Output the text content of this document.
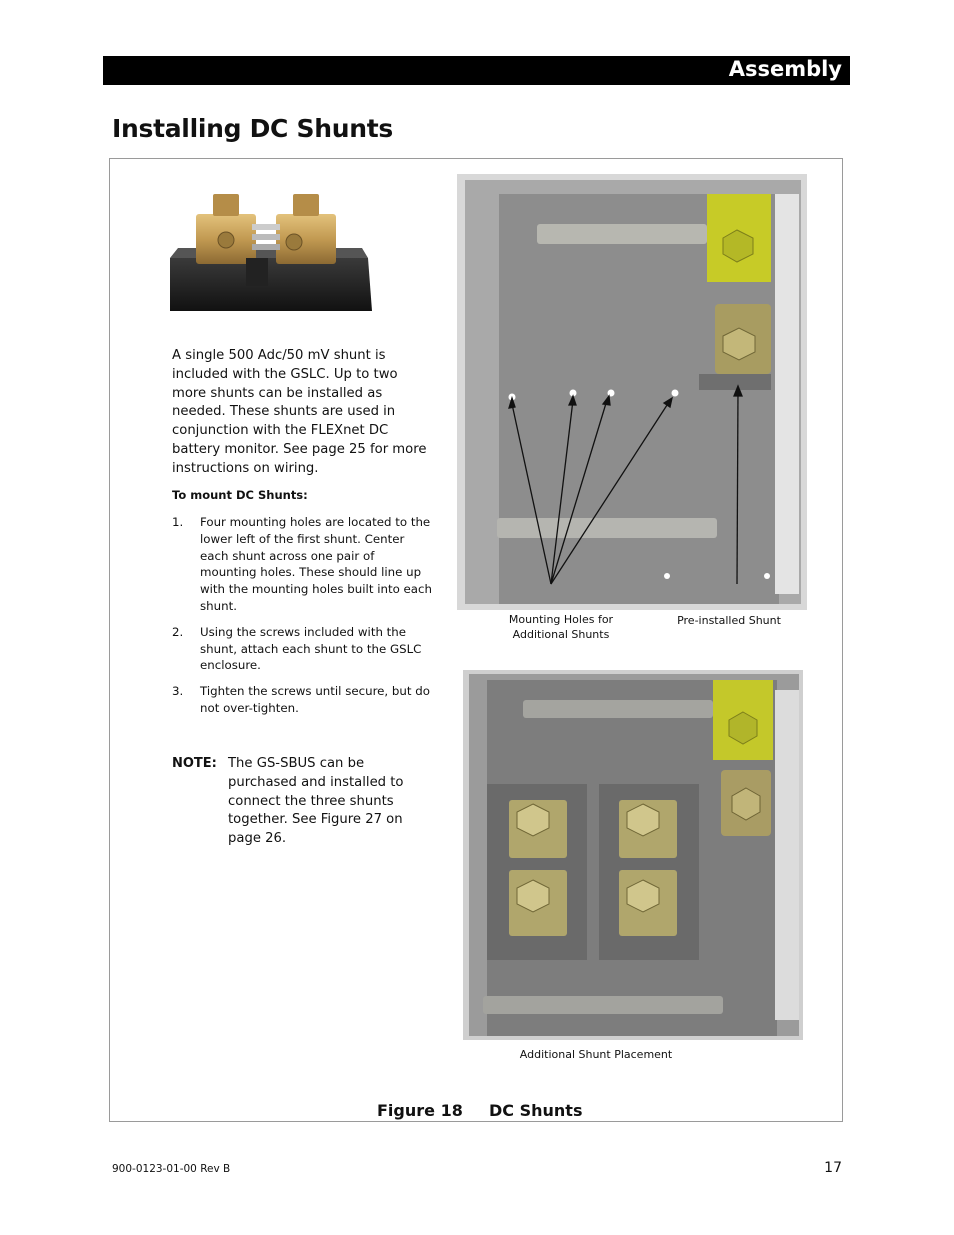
Assembly
Installing DC Shunts

A single 500 Adc/50 mV shunt is included with the GSLC. Up to two more shunts can be installed as needed. These shunts are used in conjunction with the FLEXnet DC battery monitor. See page 25 for more instructions on wiring.

To mount DC Shunts:

1. Four mounting holes are located to the lower left of the first shunt. Center each shunt across one pair of mounting holes. These should line up with the mounting holes built into each shunt.
2. Using the screws included with the shunt, attach each shunt to the GSLC enclosure.
3. Tighten the screws until secure, but do not over-tighten.
NOTE: The GS-SBUS can be purchased and installed to connect the three shunts together. See Figure 27 on page 26.
Mounting Holes for Additional Shunts
Pre-installed Shunt
Additional Shunt Placement
Figure 18 DC Shunts
900-0123-01-00 Rev B	17
